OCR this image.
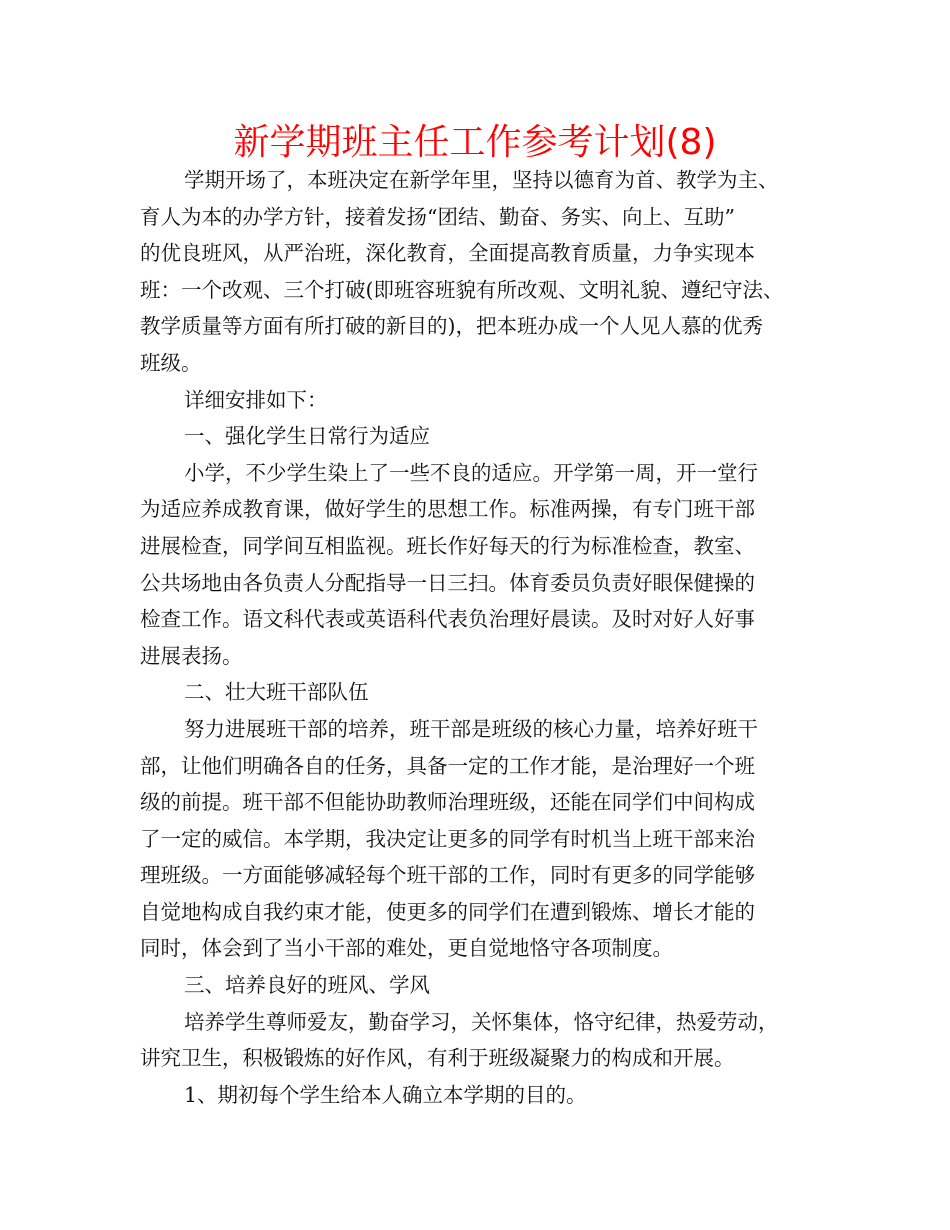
新学期班主任工作参考计划(8)
学期开场了，本班决定在新学年里，坚持以德育为首、教学为主、
育人为本的办学方针，接着发扬“团结、勤奋、务实、向上、互助”
的优良班风，从严治班，深化教育，全面提高教育质量，力争实现本
班：一个改观、三个打破(即班容班貌有所改观、文明礼貌、遵纪守法、
教学质量等方面有所打破的新目的)，把本班办成一个人见人慕的优秀
班级。
详细安排如下：
一、强化学生日常行为适应
小学，不少学生染上了一些不良的适应。开学第一周，开一堂行
为适应养成教育课，做好学生的思想工作。标准两操，有专门班干部
进展检查，同学间互相监视。班长作好每天的行为标准检查，教室、
公共场地由各负责人分配指导一日三扫。体育委员负责好眼保健操的
检查工作。语文科代表或英语科代表负治理好晨读。及时对好人好事
进展表扬。
二、壮大班干部队伍
努力进展班干部的培养，班干部是班级的核心力量，培养好班干
部，让他们明确各自的任务，具备一定的工作才能，是治理好一个班
级的前提。班干部不但能协助教师治理班级，还能在同学们中间构成
了一定的威信。本学期，我决定让更多的同学有时机当上班干部来治
理班级。一方面能够减轻每个班干部的工作，同时有更多的同学能够
自觉地构成自我约束才能，使更多的同学们在遭到锻炼、增长才能的
同时，体会到了当小干部的难处，更自觉地恪守各项制度。
三、培养良好的班风、学风
培养学生尊师爱友，勤奋学习，关怀集体，恪守纪律，热爱劳动，
讲究卫生，积极锻炼的好作风，有利于班级凝聚力的构成和开展。
1、期初每个学生给本人确立本学期的目的。
